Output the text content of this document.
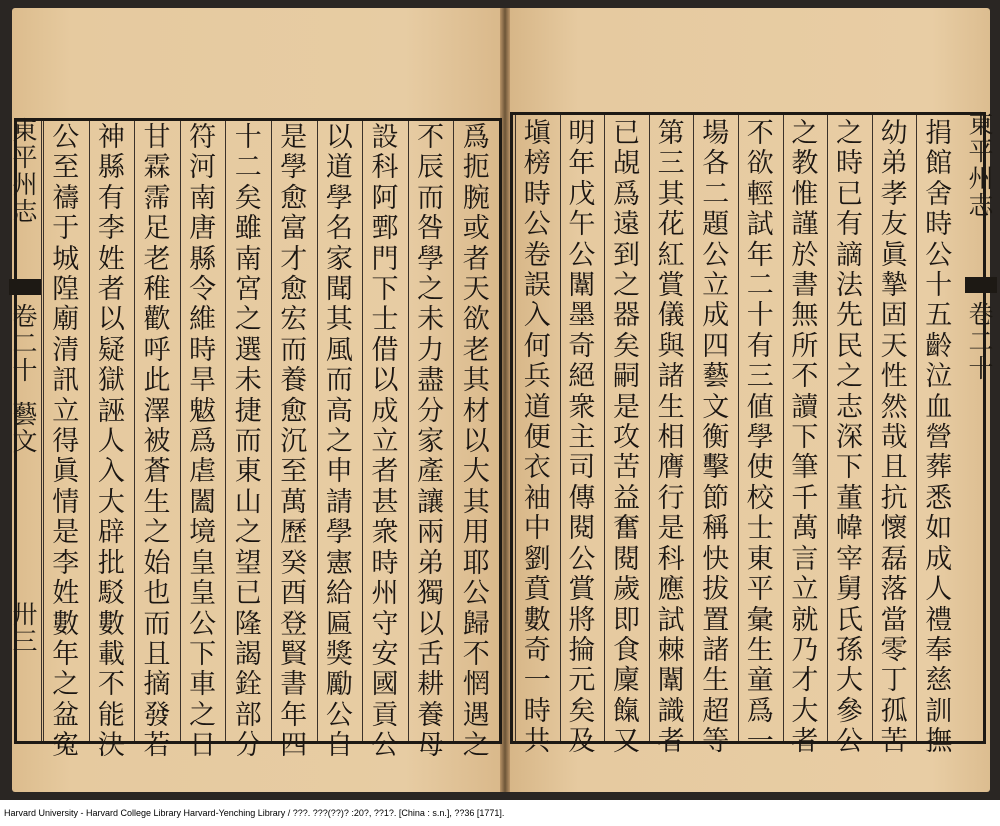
東平州志
卷二十
藝文
卅三
爲扼腕或者天欲老其材以大其用耶公歸不惘遇之
不辰而咎學之未力盡分家產讓兩弟獨以舌耕養母
設科阿鄄門下士借以成立者甚衆時州守安國貢公
以道學名家聞其風而高之申請學憲給匾獎勵公自
是學愈富才愈宏而養愈沉至萬歷癸酉登賢書年四
十二矣雖南宮之選未捷而東山之望已隆謁銓部分
符河南唐縣令維時旱魃爲虐闔境皇皇公下車之日
甘霖霈足老稚歡呼此澤被蒼生之始也而且摘發若
神縣有李姓者以疑獄誣人入大辟批駁數載不能決
公至禱于城隍廟清訊立得眞情是李姓數年之盆寃
東平州志
卷二十
捐館舍時公十五齡泣血營葬悉如成人禮奉慈訓撫
幼弟孝友眞摯固天性然哉且抗懷磊落當零丁孤苦
之時已有謫法先民之志深下董幃宰舅氏孫大參公
之教惟謹於書無所不讀下筆千萬言立就乃才大者
不欲輕試年二十有三値學使校士東平彙生童爲一
場各二題公立成四藝文衡擊節稱快拔置諸生超等
第三其花紅賞儀與諸生相膺行是科應試棘闈識者
已覘爲遠到之器矣嗣是攻苦益奮閱歲即食廩餼又
明年戊午公闈墨奇絕衆主司傳閱公賞將掄元矣及
塡榜時公卷誤入何兵道便衣袖中劉賁數奇一時共
Harvard University - Harvard College Library Harvard-Yenching Library / ???. ???(??)? :20?, ??1?. [China : s.n.], ??36 [1771].
